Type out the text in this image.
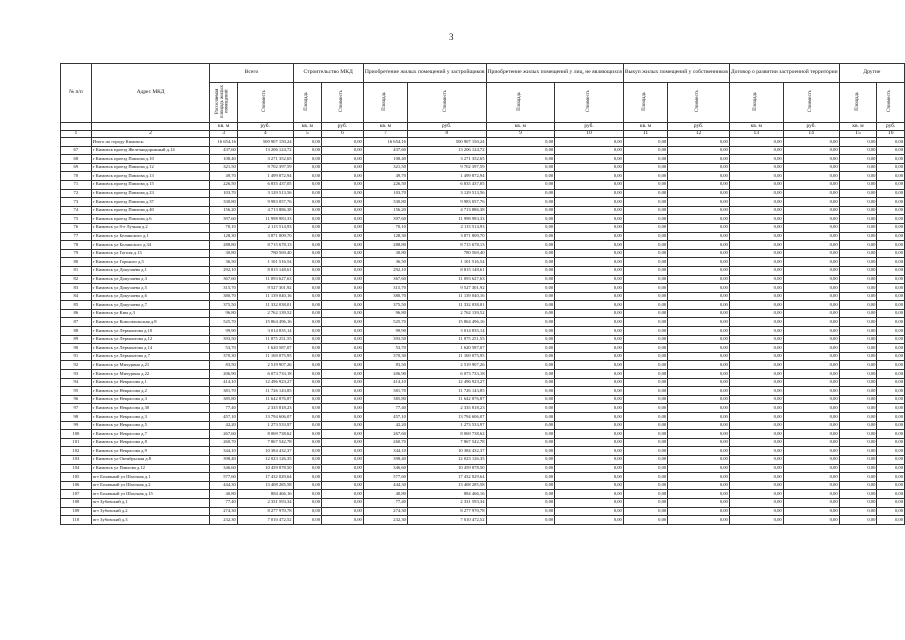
3
№ п/п	Адрес МКД	Всего		Строительство МКД		Приобретение жилых помещений у застройщиков		Приобретение жилых помещений у лиц, не являющихся		Выкуп жилых помещений у собственников		Договор о развитии застроенной территории		Другие	
		Расселяемая площадь жилых помещений	Стоимость	Площадь	Стоимость	Площадь	Стоимость	Площадь	Стоимость	Площадь	Стоимость	Площадь	Стоимость	Площадь	Стоимость
		кв. м	руб.	кв. м	руб.	кв. м	руб.	кв. м	руб.	кв. м	руб.	кв. м	руб.	кв. м	руб.
1	2	3	4	5	6	7	8	9	10	11	12	13	14	15	16
	Итого по городу Кимовск:	16 654,16	500 907 150,24	0,00	0,00	16 654,16	500 907 150,24	0,00	0,00	0,00	0,00	0,00	0,00	0,00	0,00
67	г Кимовск проезд Железнодорожный д.14	437,60	13 206 124,72	0,00	0,00	437,60	13 206 124,72	0,00	0,00	0,00	0,00	0,00	0,00	0,00	0,00
68	г Кимовск проезд Павлова д.10	108,40	3 271 352,65	0,00	0,00	108,40	3 271 352,65	0,00	0,00	0,00	0,00	0,00	0,00	0,00	0,00
69	г Кимовск проезд Павлова д.12	321,50	9 702 397,59	0,00	0,00	321,50	9 702 397,59	0,00	0,00	0,00	0,00	0,00	0,00	0,00	0,00
70	г Кимовск проезд Павлова д.13	49,70	1 499 872,94	0,00	0,00	49,70	1 499 872,94	0,00	0,00	0,00	0,00	0,00	0,00	0,00	0,00
71	г Кимовск проезд Павлова д.15	226,50	6 835 437,05	0,00	0,00	226,50	6 835 437,05	0,00	0,00	0,00	0,00	0,00	0,00	0,00	0,00
72	г Кимовск проезд Павлова д.23	103,70	3 129 513,56	0,00	0,00	103,70	3 129 513,56	0,00	0,00	0,00	0,00	0,00	0,00	0,00	0,00
73	г Кимовск проезд Павлова д.37	330,80	9 983 057,76	0,00	0,00	330,80	9 983 057,76	0,00	0,00	0,00	0,00	0,00	0,00	0,00	0,00
74	г Кимовск проезд Павлова д.40	156,20	4 713 886,38	0,00	0,00	156,20	4 713 886,38	0,00	0,00	0,00	0,00	0,00	0,00	0,00	0,00
75	г Кимовск проезд Павлова д.6	397,60	11 998 983,33	0,00	0,00	397,60	11 998 983,33	0,00	0,00	0,00	0,00	0,00	0,00	0,00	0,00
76	г Кимовск ул 8-е Лучная д.2	70,10	2 115 514,93	0,00	0,00	70,10	2 115 514,93	0,00	0,00	0,00	0,00	0,00	0,00	0,00	0,00
77	г Кимовск ул Белинского д.1	128,30	3 871 809,70	0,00	0,00	128,30	3 871 809,70	0,00	0,00	0,00	0,00	0,00	0,00	0,00	0,00
78	г Кимовск ул Белинского д.34	288,80	8 715 678,13	0,00	0,00	288,80	8 715 678,13	0,00	0,00	0,00	0,00	0,00	0,00	0,00	0,00
79	г Кимовск ул Гоголя д.13	30,80	780 569,40	0,00	0,00	30,80	780 569,40	0,00	0,00	0,00	0,00	0,00	0,00	0,00	0,00
80	г Кимовск ул Горького д.5	36,50	1 101 516,54	0,00	0,00	36,50	1 101 516,54	0,00	0,00	0,00	0,00	0,00	0,00	0,00	0,00
81	г Кимовск ул Докучаева д.1	292,10	8 815 148,61	0,00	0,00	292,10	8 815 148,61	0,00	0,00	0,00	0,00	0,00	0,00	0,00	0,00
82	г Кимовск ул Докучаева д.3	367,60	11 093 627,63	0,00	0,00	367,60	11 093 627,63	0,00	0,00	0,00	0,00	0,00	0,00	0,00	0,00
83	г Кимовск ул Докучаева д.5	315,70	9 527 301,92	0,00	0,00	315,70	9 527 301,92	0,00	0,00	0,00	0,00	0,00	0,00	0,00	0,00
84	г Кимовск ул Докучаева д.6	380,70	11 139 040,16	0,00	0,00	380,70	11 139 040,16	0,00	0,00	0,00	0,00	0,00	0,00	0,00	0,00
85	г Кимовск ул Докучаева д.7	375,50	11 332 038,01	0,00	0,00	375,50	11 332 038,01	0,00	0,00	0,00	0,00	0,00	0,00	0,00	0,00
86	г Кимовск ул Ким д.3	96,80	2 762 139,52	0,00	0,00	96,80	2 762 139,52	0,00	0,00	0,00	0,00	0,00	0,00	0,00	0,00
87	г Кимовск ул Комсомольская д.8	525,70	15 864 496,16	0,00	0,00	525,70	15 864 496,16	0,00	0,00	0,00	0,00	0,00	0,00	0,00	0,00
88	г Кимовск ул Лермонтова д.10	99,90	3 014 835,14	0,00	0,00	99,90	3 014 835,14	0,00	0,00	0,00	0,00	0,00	0,00	0,00	0,00
89	г Кимовск ул Лермонтова д.12	393,50	11 875 251,55	0,00	0,00	393,50	11 875 251,55	0,00	0,00	0,00	0,00	0,00	0,00	0,00	0,00
90	г Кимовск ул Лермонтова д.14	53,70	1 620 587,07	0,00	0,00	53,70	1 620 587,07	0,00	0,00	0,00	0,00	0,00	0,00	0,00	0,00
91	г Кимовск ул Лермонтова д.7	370,30	11 169 075,95	0,00	0,00	370,30	11 169 075,95	0,00	0,00	0,00	0,00	0,00	0,00	0,00	0,00
92	г Кимовск ул Мичурина д.21	83,50	2 519 907,26	0,00	0,00	83,50	2 519 907,26	0,00	0,00	0,00	0,00	0,00	0,00	0,00	0,00
93	г Кимовск ул Мичурина д.22	206,90	6 073 733,18	0,00	0,00	206,90	6 073 733,18	0,00	0,00	0,00	0,00	0,00	0,00	0,00	0,00
94	г Кимовск ул Некрасова д.1	414,10	12 496 923,27	0,00	0,00	414,10	12 496 923,27	0,00	0,00	0,00	0,00	0,00	0,00	0,00	0,00
95	г Кимовск ул Некрасова д.2	381,70	11 726 143,85	0,00	0,00	381,70	11 726 143,85	0,00	0,00	0,00	0,00	0,00	0,00	0,00	0,00
96	г Кимовск ул Некрасова д.3	385,80	11 642 876,87	0,00	0,00	385,80	11 642 876,87	0,00	0,00	0,00	0,00	0,00	0,00	0,00	0,00
97	г Кимовск ул Некрасова д.30	77,40	2 335 818,23	0,00	0,00	77,40	2 335 818,23	0,00	0,00	0,00	0,00	0,00	0,00	0,00	0,00
98	г Кимовск ул Некрасова д.3	457,10	13 794 606,07	0,00	0,00	457,10	13 794 606,07	0,00	0,00	0,00	0,00	0,00	0,00	0,00	0,00
99	г Кимовск ул Некрасова д.5	42,20	1 273 533,97	0,00	0,00	42,20	1 273 533,97	0,00	0,00	0,00	0,00	0,00	0,00	0,00	0,00
100	г Кимовск ул Некрасова д.7	267,60	8 069 738,62	0,00	0,00	267,60	8 069 738,62	0,00	0,00	0,00	0,00	0,00	0,00	0,00	0,00
101	г Кимовск ул Некрасова д.8	260,70	7 867 542,78	0,00	0,00	260,70	7 867 542,78	0,00	0,00	0,00	0,00	0,00	0,00	0,00	0,00
102	г Кимовск ул Некрасова д.9	344,10	10 384 432,37	0,00	0,00	344,10	10 384 432,37	0,00	0,00	0,00	0,00	0,00	0,00	0,00	0,00
103	г Кимовск ул Октябрьская д.8	398,40	12 023 126,35	0,00	0,00	398,40	12 023 126,35	0,00	0,00	0,00	0,00	0,00	0,00	0,00	0,00
104	г Кимовск ул Павлова д.12	346,60	10 459 878,50	0,00	0,00	346,60	10 459 878,50	0,00	0,00	0,00	0,00	0,00	0,00	0,00	0,00
105	пгт Бохавный ул Шахтная д.1	577,60	17 432 029,64	0,00	0,00	577,60	17 432 029,64	0,00	0,00	0,00	0,00	0,00	0,00	0,00	0,00
106	пгт Бохавный ул Шахтная д.2	444,30	13 408 285,58	0,00	0,00	444,30	13 408 285,58	0,00	0,00	0,00	0,00	0,00	0,00	0,00	0,00
107	пгт Бохавный ул Шахтная д.15	40,80	884 466,16	0,00	0,00	40,80	884 466,16	0,00	0,00	0,00	0,00	0,00	0,00	0,00	0,00
108	пгт Зубовский д.1	77,40	2 331 593,34	0,00	0,00	77,40	2 331 593,34	0,00	0,00	0,00	0,00	0,00	0,00	0,00	0,00
109	пгт Зубовский д.2	274,30	8 277 970,78	0,00	0,00	274,30	8 277 970,78	0,00	0,00	0,00	0,00	0,00	0,00	0,00	0,00
110	пгт Зубовский д.3	232,30	7 010 472,52	0,00	0,00	232,30	7 010 472,52	0,00	0,00	0,00	0,00	0,00	0,00	0,00	0,00
